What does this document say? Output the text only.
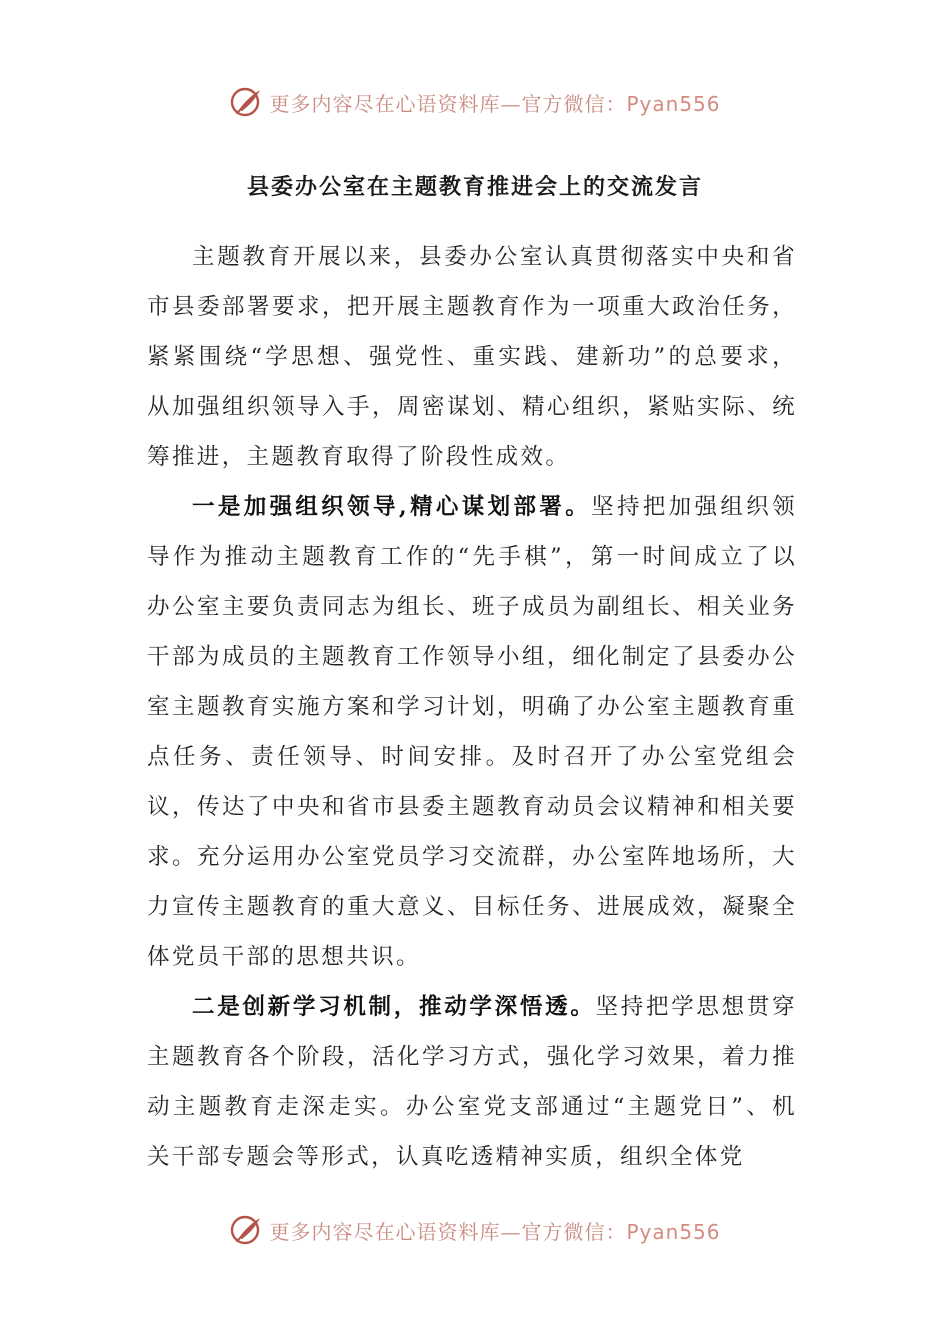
更多内容尽在心语资料库—官方微信：Pyan556
县委办公室在主题教育推进会上的交流发言

主题教育开展以来，县委办公室认真贯彻落实中央和省市县委部署要求，把开展主题教育作为一项重大政治任务，紧紧围绕“学思想、强党性、重实践、建新功”的总要求，从加强组织领导入手，周密谋划、精心组织，紧贴实际、统筹推进，主题教育取得了阶段性成效。

一是加强组织领导,精心谋划部署。坚持把加强组织领导作为推动主题教育工作的“先手棋”，第一时间成立了以办公室主要负责同志为组长、班子成员为副组长、相关业务干部为成员的主题教育工作领导小组，细化制定了县委办公室主题教育实施方案和学习计划，明确了办公室主题教育重点任务、责任领导、时间安排。及时召开了办公室党组会议，传达了中央和省市县委主题教育动员会议精神和相关要求。充分运用办公室党员学习交流群，办公室阵地场所，大力宣传主题教育的重大意义、目标任务、进展成效，凝聚全体党员干部的思想共识。

二是创新学习机制，推动学深悟透。坚持把学思想贯穿主题教育各个阶段，活化学习方式，强化学习效果，着力推动主题教育走深走实。办公室党支部通过“主题党日”、机关干部专题会等形式，认真吃透精神实质，组织全体党

更多内容尽在心语资料库—官方微信：Pyan556
